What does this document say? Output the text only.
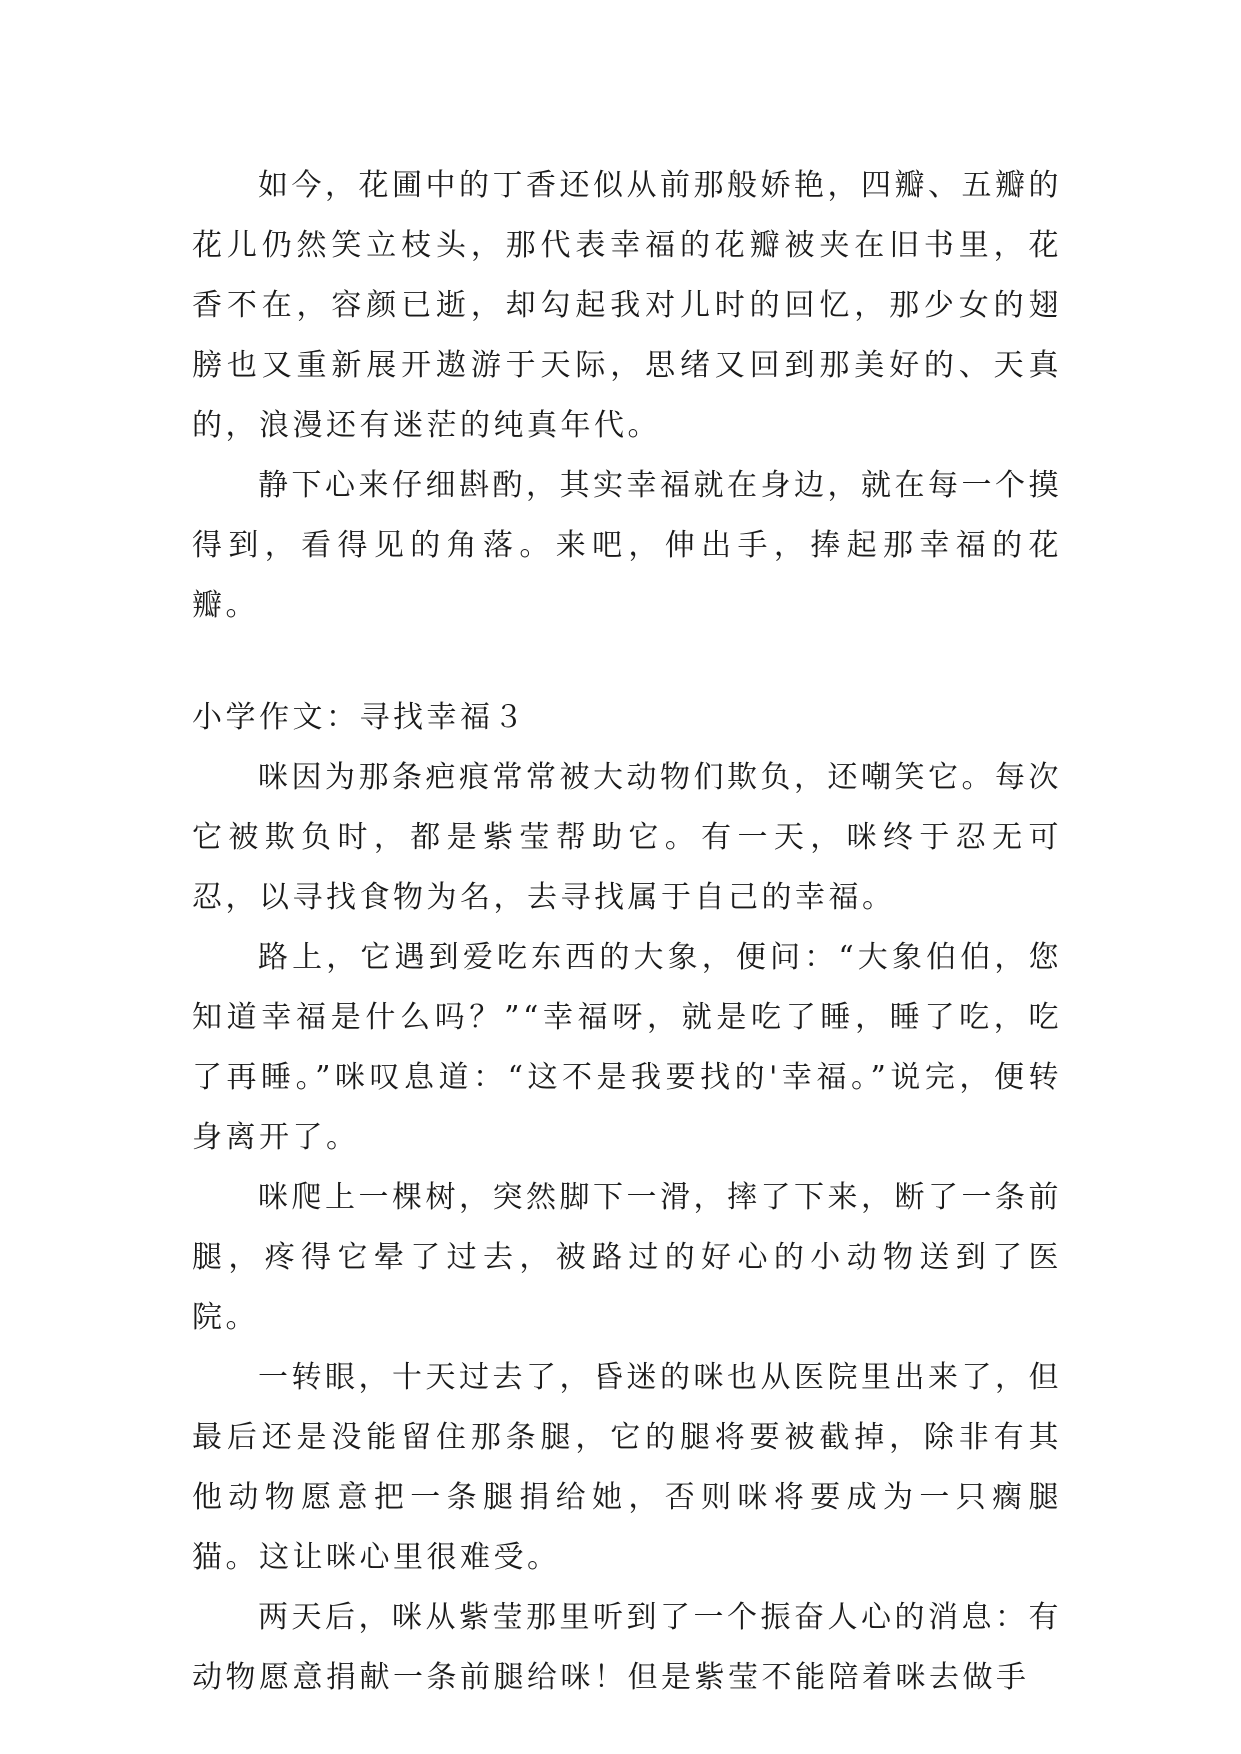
如今，花圃中的丁香还似从前那般娇艳，四瓣、五瓣的花儿仍然笑立枝头，那代表幸福的花瓣被夹在旧书里，花香不在，容颜已逝，却勾起我对儿时的回忆，那少女的翅膀也又重新展开遨游于天际，思绪又回到那美好的、天真的，浪漫还有迷茫的纯真年代。

静下心来仔细斟酌，其实幸福就在身边，就在每一个摸得到，看得见的角落。来吧，伸出手，捧起那幸福的花瓣。

小学作文：寻找幸福３

咪因为那条疤痕常常被大动物们欺负，还嘲笑它。每次它被欺负时，都是紫莹帮助它。有一天，咪终于忍无可忍，以寻找食物为名，去寻找属于自己的幸福。

路上，它遇到爱吃东西的大象，便问：“大象伯伯，您知道幸福是什么吗？”“幸福呀，就是吃了睡，睡了吃，吃了再睡。”咪叹息道：“这不是我要找的'幸福。”说完，便转身离开了。

咪爬上一棵树，突然脚下一滑，摔了下来，断了一条前腿，疼得它晕了过去，被路过的好心的小动物送到了医院。

一转眼，十天过去了，昏迷的咪也从医院里出来了，但最后还是没能留住那条腿，它的腿将要被截掉，除非有其他动物愿意把一条腿捐给她，否则咪将要成为一只瘸腿猫。这让咪心里很难受。

两天后，咪从紫莹那里听到了一个振奋人心的消息：有动物愿意捐献一条前腿给咪！但是紫莹不能陪着咪去做手
